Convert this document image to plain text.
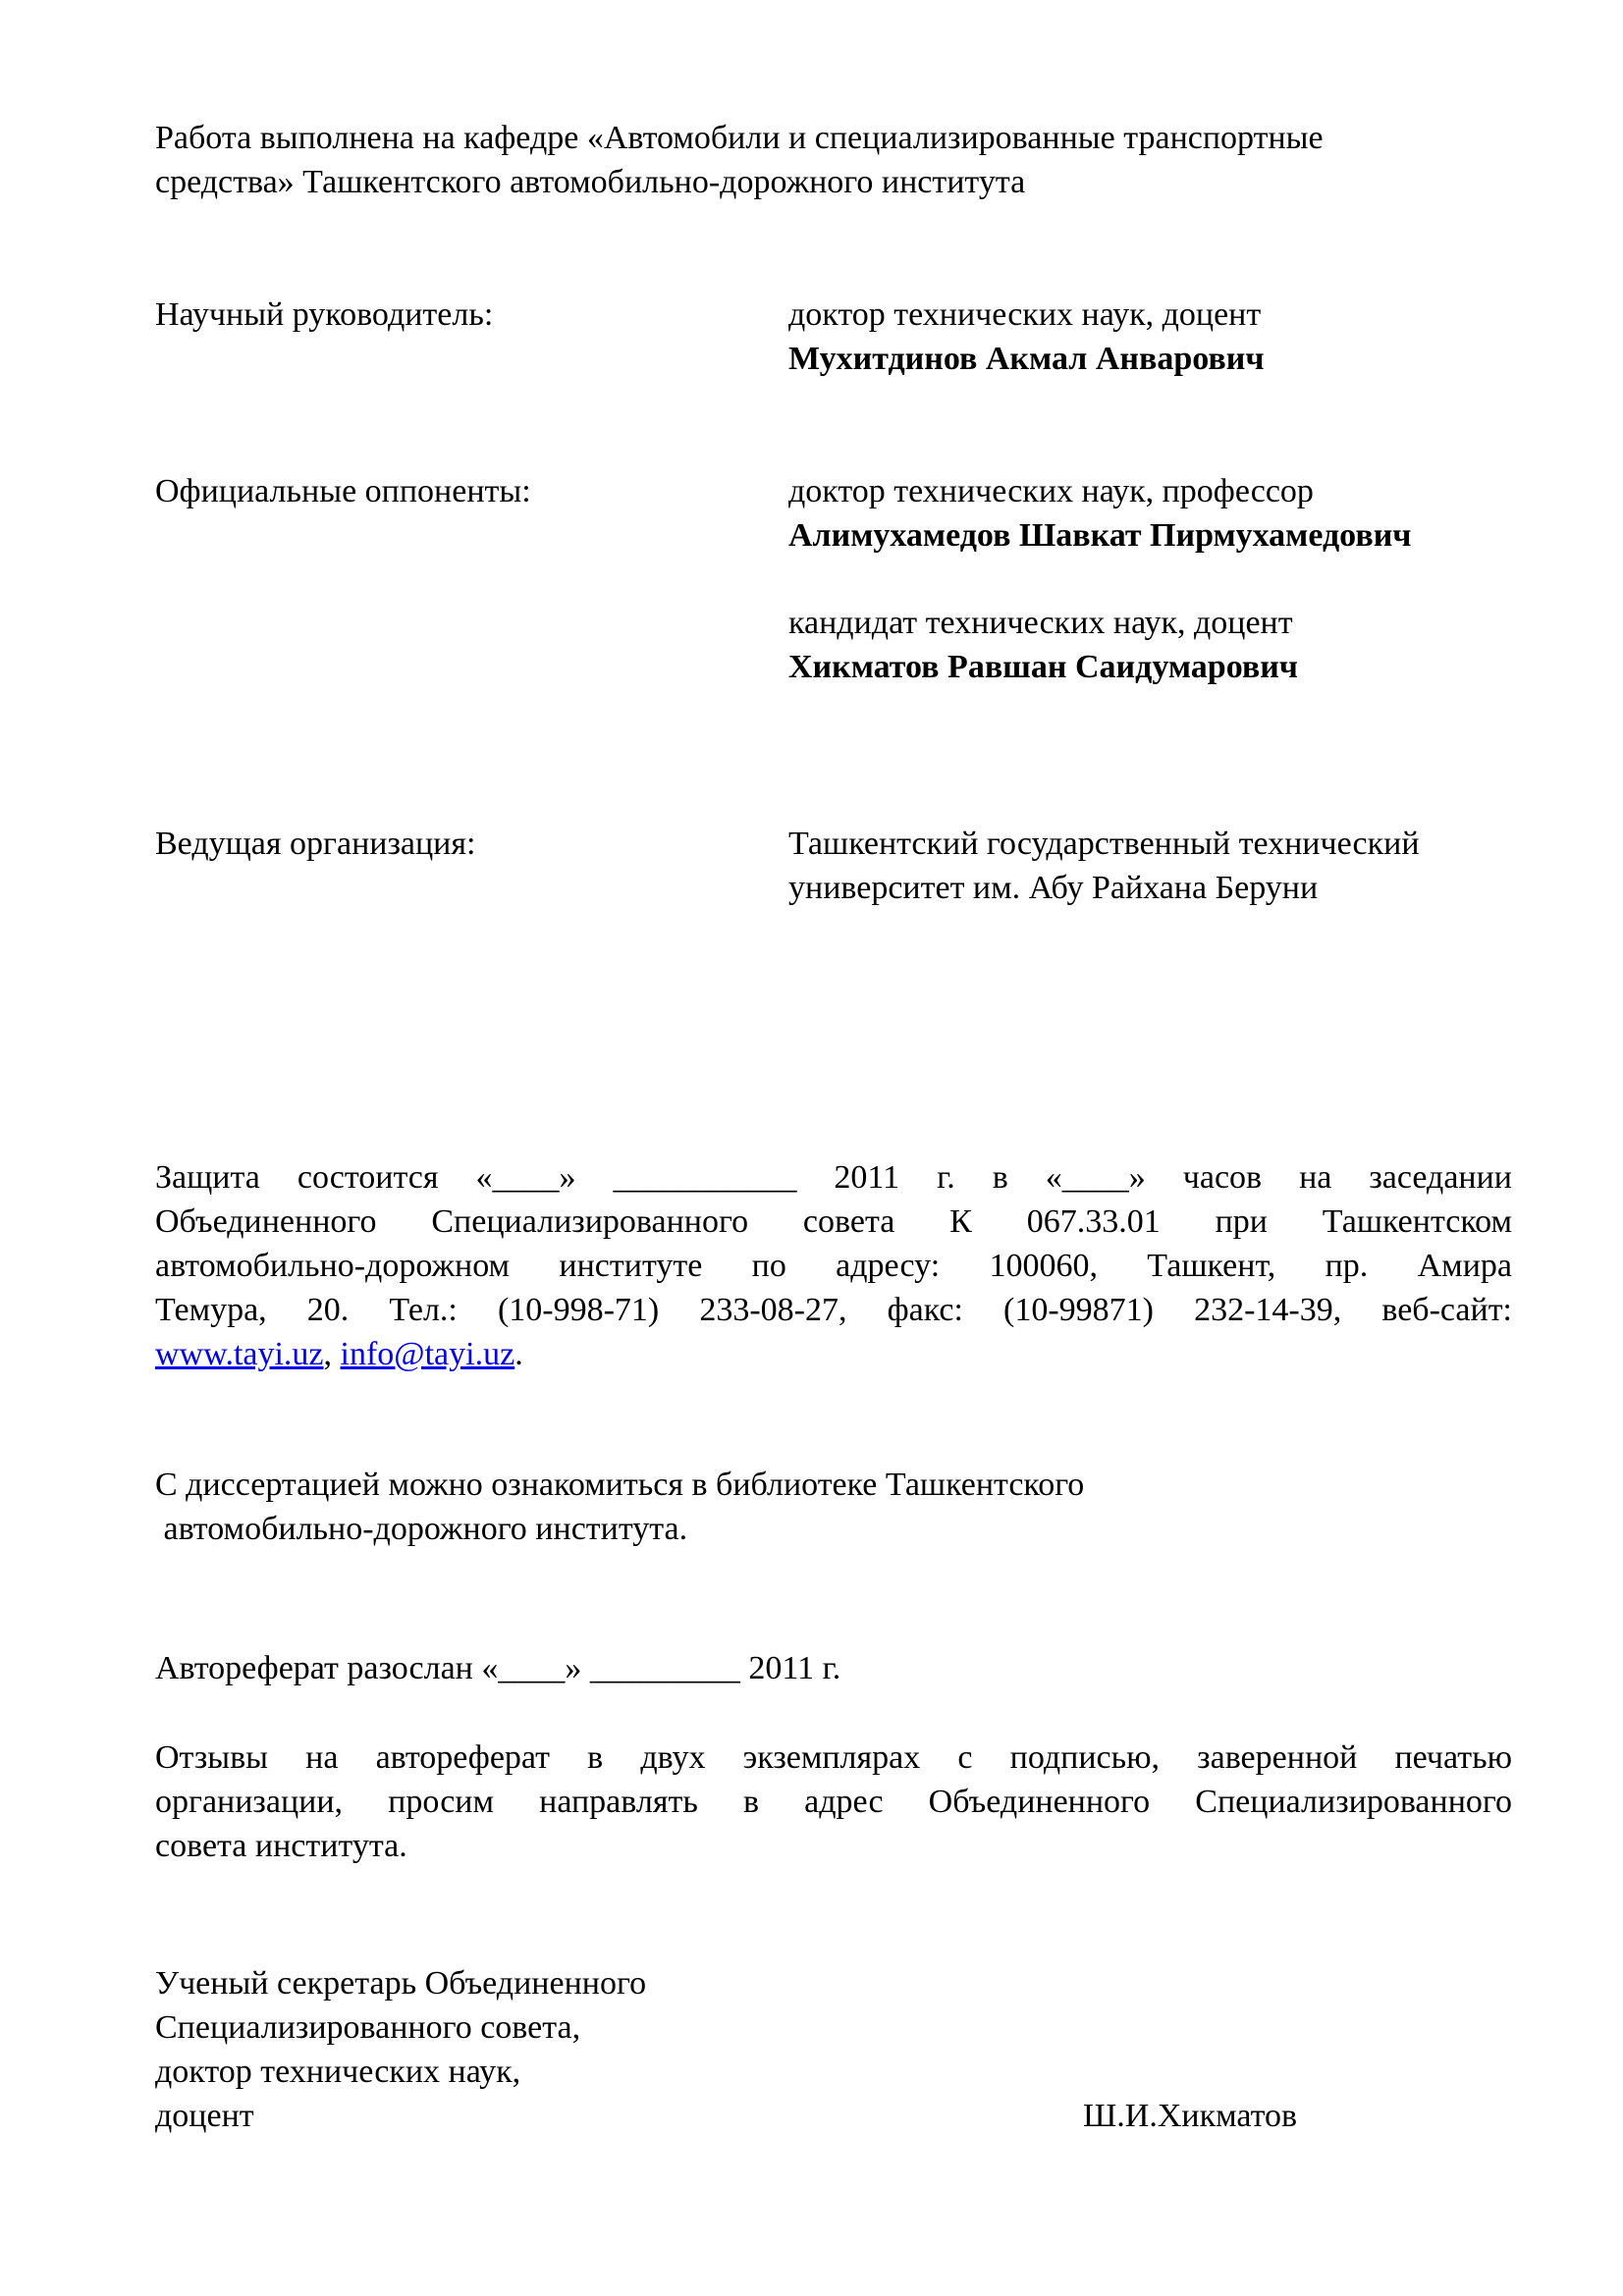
Работа выполнена на кафедре «Автомобили и специализированные транспортные
средства» Ташкентского автомобильно-дорожного института
Научный руководитель:	доктор технических наук, доцент
Мухитдинов Акмал Анварович
Официальные оппоненты:	доктор технических наук, профессор
Алимухамедов Шавкат Пирмухамедович
кандидат технических наук, доцент
Хикматов Равшан Саидумарович
Ведущая организация:	Ташкентский государственный технический
университет им. Абу Райхана Беруни
Защита состоится «____» ___________ 2011 г. в «____» часов на заседании
Объединенного Специализированного совета К 067.33.01 при Ташкентском
автомобильно-дорожном институте по адресу: 100060, Ташкент, пр. Амира
Темура, 20. Тел.: (10-998-71) 233-08-27, факс: (10-99871) 232-14-39, веб-сайт:
www.tayi.uz, info@tayi.uz.
С диссертацией можно ознакомиться в библиотеке Ташкентского
автомобильно-дорожного института.
Автореферат разослан «____» _________ 2011 г.
Отзывы на автореферат в двух экземплярах с подписью, заверенной печатью
организации, просим направлять в адрес Объединенного Специализированного
совета института.
Ученый секретарь Объединенного
Специализированного совета,
доктор технических наук,
доцент	Ш.И.Хикматов
